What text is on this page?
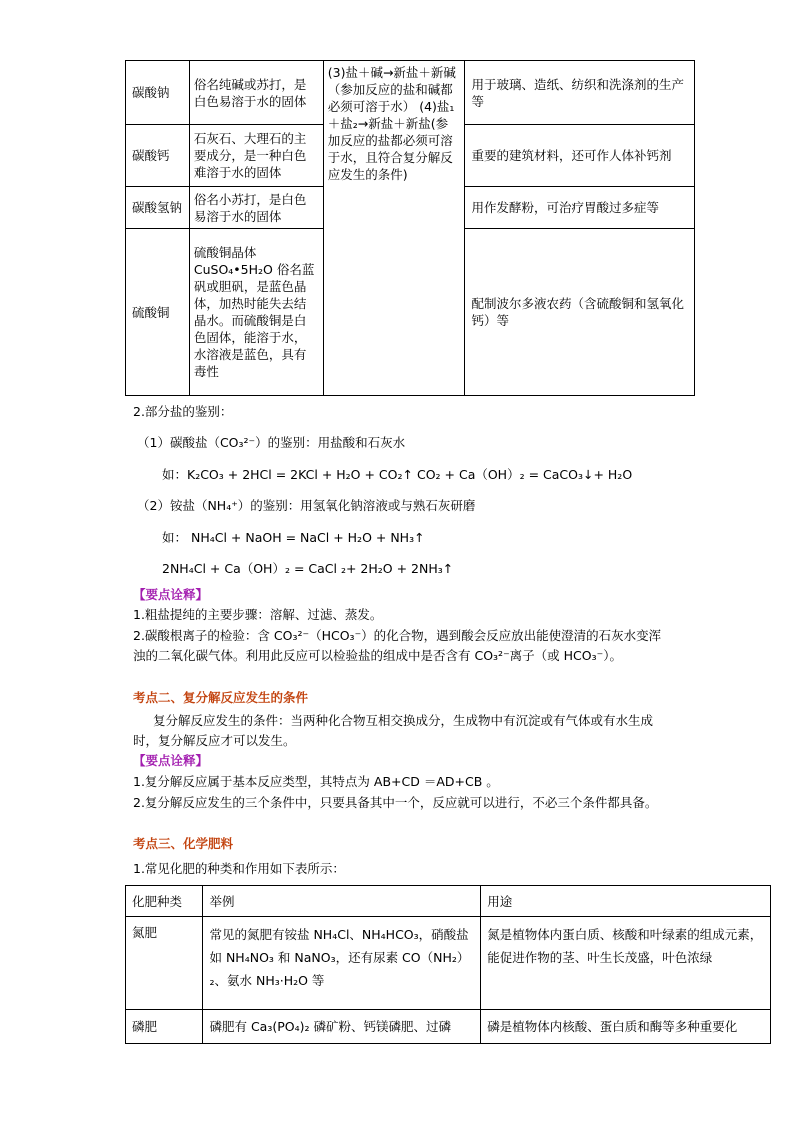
碳酸钠	俗名纯碱或苏打，是白色易溶于水的固体	(3)盐＋碱→新盐＋新碱（参加反应的盐和碱都必须可溶于水） (4)盐₁＋盐₂→新盐＋新盐(参加反应的盐都必须可溶于水，且符合复分解反应发生的条件)	用于玻璃、造纸、纺织和洗涤剂的生产等
碳酸钙	石灰石、大理石的主要成分，是一种白色难溶于水的固体		重要的建筑材料，还可作人体补钙剂
碳酸氢钠	俗名小苏打，是白色易溶于水的固体		用作发酵粉，可治疗胃酸过多症等
硫酸铜	硫酸铜晶体 CuSO₄•5H₂O 俗名蓝矾或胆矾，是蓝色晶体，加热时能失去结晶水。而硫酸铜是白色固体，能溶于水，水溶液是蓝色，具有毒性		配制波尔多液农药（含硫酸铜和氢氧化钙）等
2.部分盐的鉴别：
（1）碳酸盐（CO₃²⁻）的鉴别：用盐酸和石灰水
如：K₂CO₃ + 2HCl = 2KCl + H₂O + CO₂↑ CO₂ + Ca（OH）₂ = CaCO₃↓+ H₂O
（2）铵盐（NH₄⁺）的鉴别：用氢氧化钠溶液或与熟石灰研磨
如： NH₄Cl + NaOH = NaCl + H₂O + NH₃↑
2NH₄Cl + Ca（OH）₂ = CaCl ₂+ 2H₂O + 2NH₃↑
【要点诠释】
1.粗盐提纯的主要步骤：溶解、过滤、蒸发。
2.碳酸根离子的检验：含 CO₃²⁻（HCO₃⁻）的化合物，遇到酸会反应放出能使澄清的石灰水变浑浊的二氧化碳气体。利用此反应可以检验盐的组成中是否含有 CO₃²⁻离子（或 HCO₃⁻）。
考点二、复分解反应发生的条件
复分解反应发生的条件：当两种化合物互相交换成分，生成物中有沉淀或有气体或有水生成时，复分解反应才可以发生。
【要点诠释】
1.复分解反应属于基本反应类型，其特点为 AB+CD ＝AD+CB 。
2.复分解反应发生的三个条件中，只要具备其中一个，反应就可以进行，不必三个条件都具备。
考点三、化学肥料
1.常见化肥的种类和作用如下表所示：
化肥种类	举例	用途
氮肥	常见的氮肥有铵盐 NH₄Cl、NH₄HCO₃，硝酸盐如 NH₄NO₃ 和 NaNO₃，还有尿素 CO（NH₂）₂、氨水 NH₃·H₂O 等	氮是植物体内蛋白质、核酸和叶绿素的组成元素，能促进作物的茎、叶生长茂盛，叶色浓绿
磷肥	磷肥有 Ca₃(PO₄)₂ 磷矿粉、钙镁磷肥、过磷	磷是植物体内核酸、蛋白质和酶等多种重要化
